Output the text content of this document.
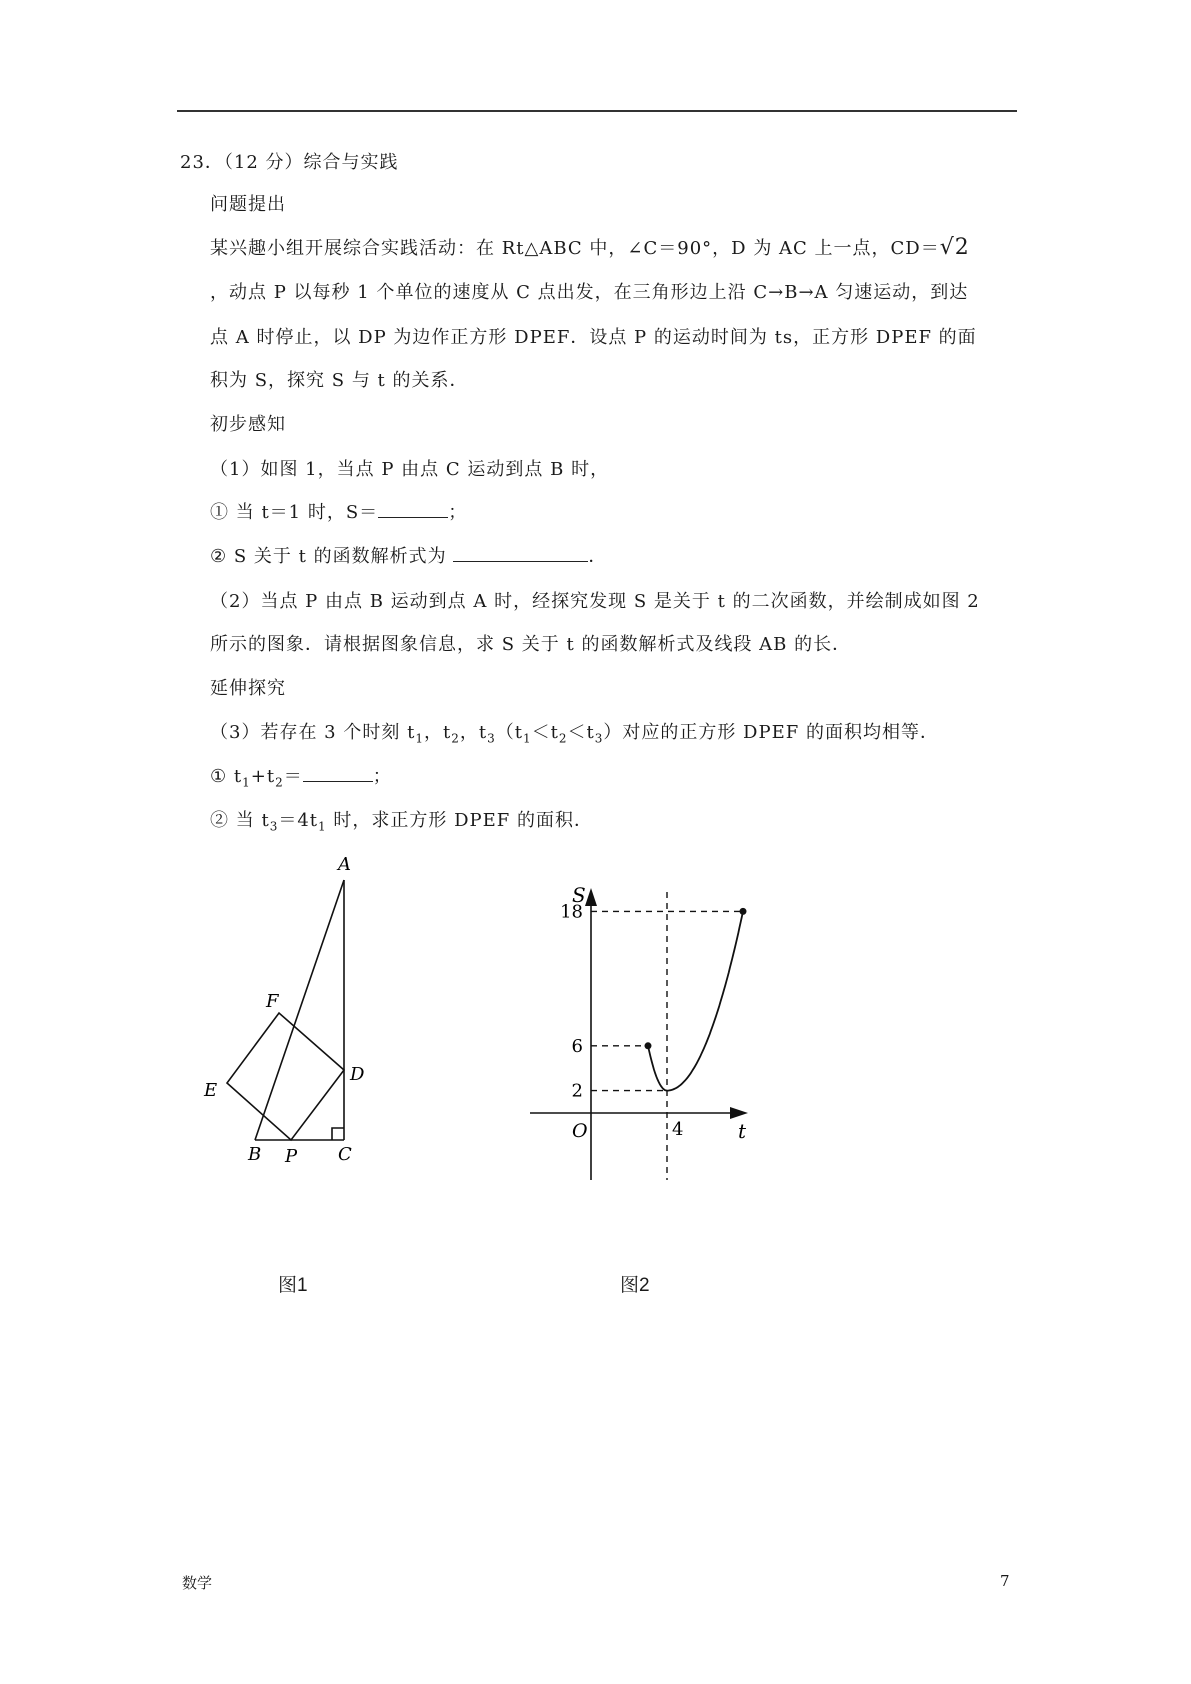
23．（12 分）综合与实践
问题提出
某兴趣小组开展综合实践活动：在 Rt△ABC 中，∠C＝90°，D 为 AC 上一点，CD＝√2
，动点 P 以每秒 1 个单位的速度从 C 点出发，在三角形边上沿 C→B→A 匀速运动，到达
点 A 时停止，以 DP 为边作正方形 DPEF．设点 P 的运动时间为 ts，正方形 DPEF 的面
积为 S，探究 S 与 t 的关系．
初步感知
（1）如图 1，当点 P 由点 C 运动到点 B 时，
① 当 t＝1 时，S＝	；
② S 关于 t 的函数解析式为	．
（2）当点 P 由点 B 运动到点 A 时，经探究发现 S 是关于 t 的二次函数，并绘制成如图 2
所示的图象．请根据图象信息，求 S 关于 t 的函数解析式及线段 AB 的长．
延伸探究
（3）若存在 3 个时刻 $t_1$，$t_2$，$t_3(t_1<t_2<t_3)$对应的正方形 DPEF 的面积均相等．
① $t_1+t_2=$	；
② 当 $t_3=4t_1$ 时，求正方形 DPEF 的面积．
A
B	C
D
E
F
P
图1
S
t
O
2
6
18
4
图2
数学	7
